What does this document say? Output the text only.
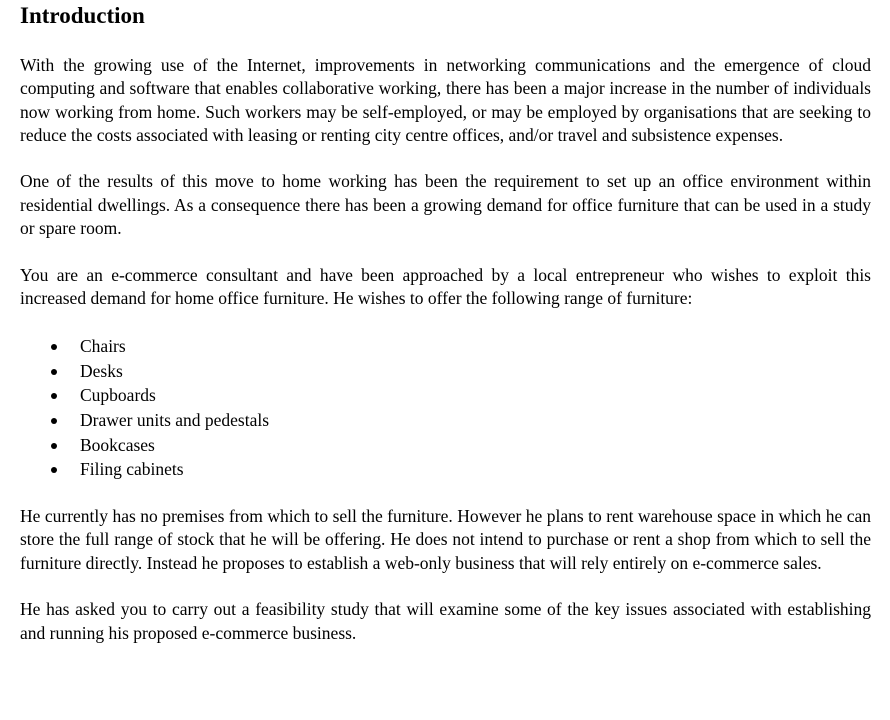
Introduction

With the growing use of the Internet, improvements in networking communications and the emergence of cloud computing and software that enables collaborative working, there has been a major increase in the number of individuals now working from home. Such workers may be self-employed, or may be employed by organisations that are seeking to reduce the costs associated with leasing or renting city centre offices, and/or travel and subsistence expenses.

One of the results of this move to home working has been the requirement to set up an office environment within residential dwellings. As a consequence there has been a growing demand for office furniture that can be used in a study or spare room.

You are an e-commerce consultant and have been approached by a local entrepreneur who wishes to exploit this increased demand for home office furniture. He wishes to offer the following range of furniture:

Chairs
Desks
Cupboards
Drawer units and pedestals
Bookcases
Filing cabinets

He currently has no premises from which to sell the furniture. However he plans to rent warehouse space in which he can store the full range of stock that he will be offering. He does not intend to purchase or rent a shop from which to sell the furniture directly. Instead he proposes to establish a web-only business that will rely entirely on e-commerce sales.

He has asked you to carry out a feasibility study that will examine some of the key issues associated with establishing and running his proposed e-commerce business.
